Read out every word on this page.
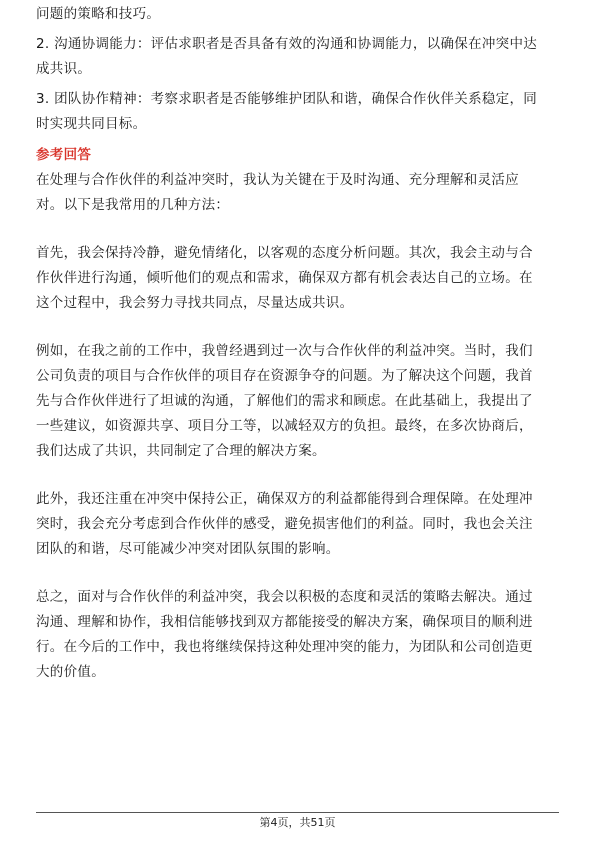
问题的策略和技巧。
2. 沟通协调能力：评估求职者是否具备有效的沟通和协调能力，以确保在冲突中达
成共识。
3. 团队协作精神：考察求职者是否能够维护团队和谐，确保合作伙伴关系稳定，同
时实现共同目标。
参考回答
在处理与合作伙伴的利益冲突时，我认为关键在于及时沟通、充分理解和灵活应
对。以下是我常用的几种方法：
首先，我会保持冷静，避免情绪化，以客观的态度分析问题。其次，我会主动与合
作伙伴进行沟通，倾听他们的观点和需求，确保双方都有机会表达自己的立场。在
这个过程中，我会努力寻找共同点，尽量达成共识。
例如，在我之前的工作中，我曾经遇到过一次与合作伙伴的利益冲突。当时，我们
公司负责的项目与合作伙伴的项目存在资源争夺的问题。为了解决这个问题，我首
先与合作伙伴进行了坦诚的沟通，了解他们的需求和顾虑。在此基础上，我提出了
一些建议，如资源共享、项目分工等，以减轻双方的负担。最终，在多次协商后，
我们达成了共识，共同制定了合理的解决方案。
此外，我还注重在冲突中保持公正，确保双方的利益都能得到合理保障。在处理冲
突时，我会充分考虑到合作伙伴的感受，避免损害他们的利益。同时，我也会关注
团队的和谐，尽可能减少冲突对团队氛围的影响。
总之，面对与合作伙伴的利益冲突，我会以积极的态度和灵活的策略去解决。通过
沟通、理解和协作，我相信能够找到双方都能接受的解决方案，确保项目的顺利进
行。在今后的工作中，我也将继续保持这种处理冲突的能力，为团队和公司创造更
大的价值。
第4页，共51页
